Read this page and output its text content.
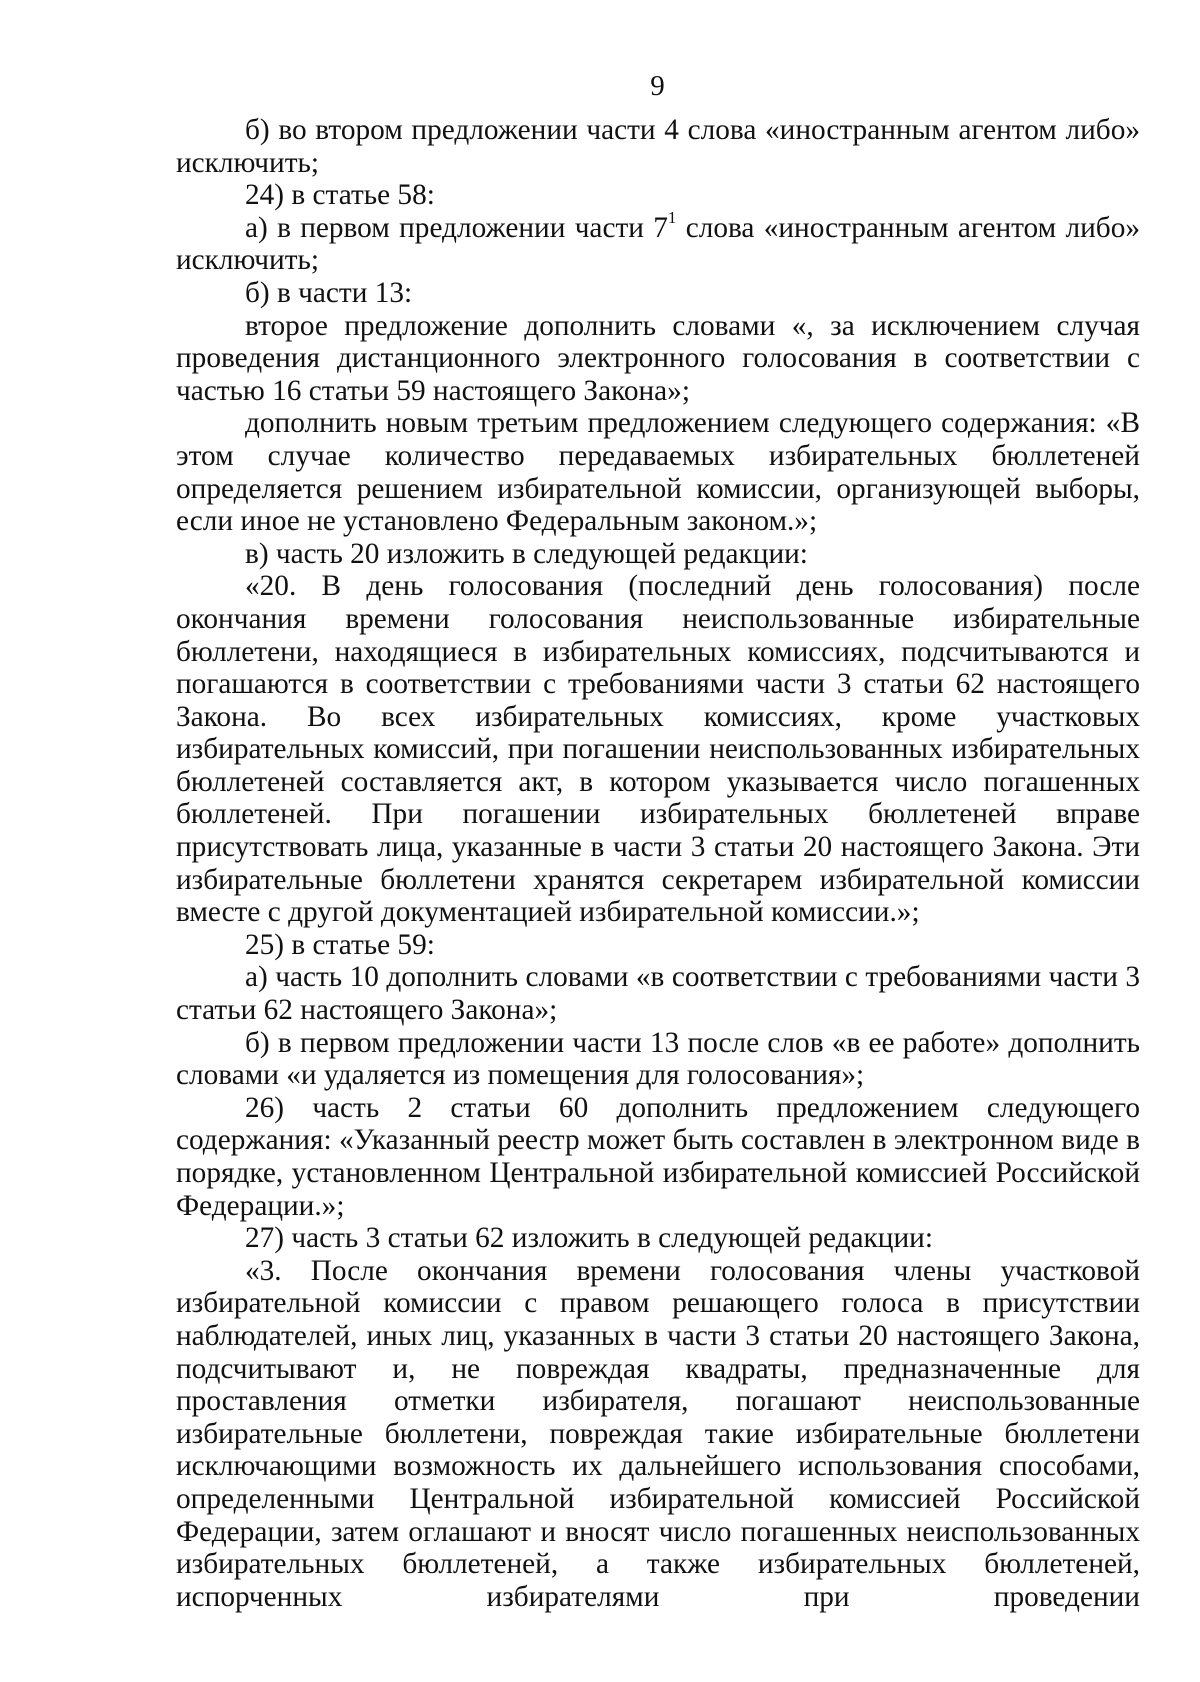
9

б) во втором предложении части 4 слова «иностранным агентом либо» исключить;

24) в статье 58:

а) в первом предложении части $7^1$ слова «иностранным агентом либо» исключить;

б) в части 13:

второе предложение дополнить словами «, за исключением случая проведения дистанционного электронного голосования в соответствии с частью 16 статьи 59 настоящего Закона»;

дополнить новым третьим предложением следующего содержания: «В этом случае количество передаваемых избирательных бюллетеней определяется решением избирательной комиссии, организующей выборы, если иное не установлено Федеральным законом.»;

в) часть 20 изложить в следующей редакции:

«20. В день голосования (последний день голосования) после окончания времени голосования неиспользованные избирательные бюллетени, находящиеся в избирательных комиссиях, подсчитываются и погашаются в соответствии с требованиями части 3 статьи 62 настоящего Закона. Во всех избирательных комиссиях, кроме участковых избирательных комиссий, при погашении неиспользованных избирательных бюллетеней составляется акт, в котором указывается число погашенных бюллетеней. При погашении избирательных бюллетеней вправе присутствовать лица, указанные в части 3 статьи 20 настоящего Закона. Эти избирательные бюллетени хранятся секретарем избирательной комиссии вместе с другой документацией избирательной комиссии.»;

25) в статье 59:

а) часть 10 дополнить словами «в соответствии с требованиями части 3 статьи 62 настоящего Закона»;

б) в первом предложении части 13 после слов «в ее работе» дополнить словами «и удаляется из помещения для голосования»;

26) часть 2 статьи 60 дополнить предложением следующего содержания: «Указанный реестр может быть составлен в электронном виде в порядке, установленном Центральной избирательной комиссией Российской Федерации.»;

27) часть 3 статьи 62 изложить в следующей редакции:

«3. После окончания времени голосования члены участковой избирательной комиссии с правом решающего голоса в присутствии наблюдателей, иных лиц, указанных в части 3 статьи 20 настоящего Закона, подсчитывают и, не повреждая квадраты, предназначенные для проставления отметки избирателя, погашают неиспользованные избирательные бюллетени, повреждая такие избирательные бюллетени исключающими возможность их дальнейшего использования способами, определенными Центральной избирательной комиссией Российской Федерации, затем оглашают и вносят число погашенных неиспользованных избирательных бюллетеней, а также избирательных бюллетеней, испорченных избирателями при проведении
